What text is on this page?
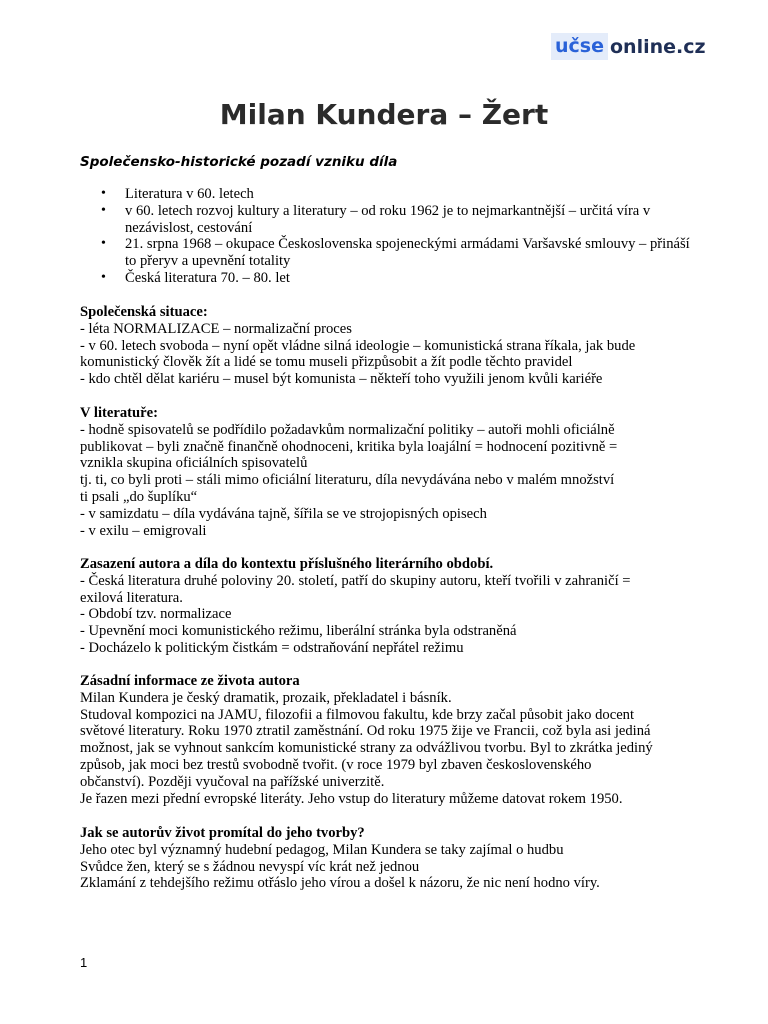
učse online.cz
Milan Kundera – Žert
Společensko-historické pozadí vzniku díla
• Literatura v 60. letech
• v 60. letech rozvoj kultury a literatury – od roku 1962 je to nejmarkantnější – určitá víra v nezávislost, cestování
• 21. srpna 1968 – okupace Československa spojeneckými armádami Varšavské smlouvy – přináší to přeryv a upevnění totality
• Česká literatura 70. – 80. let
Společenská situace:
- léta NORMALIZACE – normalizační proces
- v 60. letech svoboda – nyní opět vládne silná ideologie – komunistická strana říkala, jak bude
komunistický člověk žít a lidé se tomu museli přizpůsobit a žít podle těchto pravidel
- kdo chtěl dělat kariéru – musel být komunista – někteří toho využili jenom kvůli kariéře
V literatuře:
- hodně spisovatelů se podřídilo požadavkům normalizační politiky – autoři mohli oficiálně
publikovat – byli značně finančně ohodnoceni, kritika byla loajální = hodnocení pozitivně =
vznikla skupina oficiálních spisovatelů
tj. ti, co byli proti – stáli mimo oficiální literaturu, díla nevydávána nebo v malém množství
ti psali „do šuplíku“
- v samizdatu – díla vydávána tajně, šířila se ve strojopisných opisech
- v exilu – emigrovali
Zasazení autora a díla do kontextu příslušného literárního období.
- Česká literatura druhé poloviny 20. století, patří do skupiny autoru, kteří tvořili v zahraničí =
exilová literatura.
- Období tzv. normalizace
- Upevnění moci komunistického režimu, liberální stránka byla odstraněná
- Docházelo k politickým čistkám = odstraňování nepřátel režimu
Zásadní informace ze života autora
Milan Kundera je český dramatik, prozaik, překladatel i básník.
Studoval kompozici na JAMU, filozofii a filmovou fakultu, kde brzy začal působit jako docent
světové literatury. Roku 1970 ztratil zaměstnání. Od roku 1975 žije ve Francii, což byla asi jediná
možnost, jak se vyhnout sankcím komunistické strany za odvážlivou tvorbu. Byl to zkrátka jediný
způsob, jak moci bez trestů svobodně tvořit. (v roce 1979 byl zbaven československého
občanství). Později vyučoval na pařížské univerzitě.
Je řazen mezi přední evropské literáty. Jeho vstup do literatury můžeme datovat rokem 1950.
Jak se autorův život promítal do jeho tvorby?
Jeho otec byl významný hudební pedagog, Milan Kundera se taky zajímal o hudbu
Svůdce žen, který se s žádnou nevyspí víc krát než jednou
Zklamání z tehdejšího režimu otřáslo jeho vírou a došel k názoru, že nic není hodno víry.
1
